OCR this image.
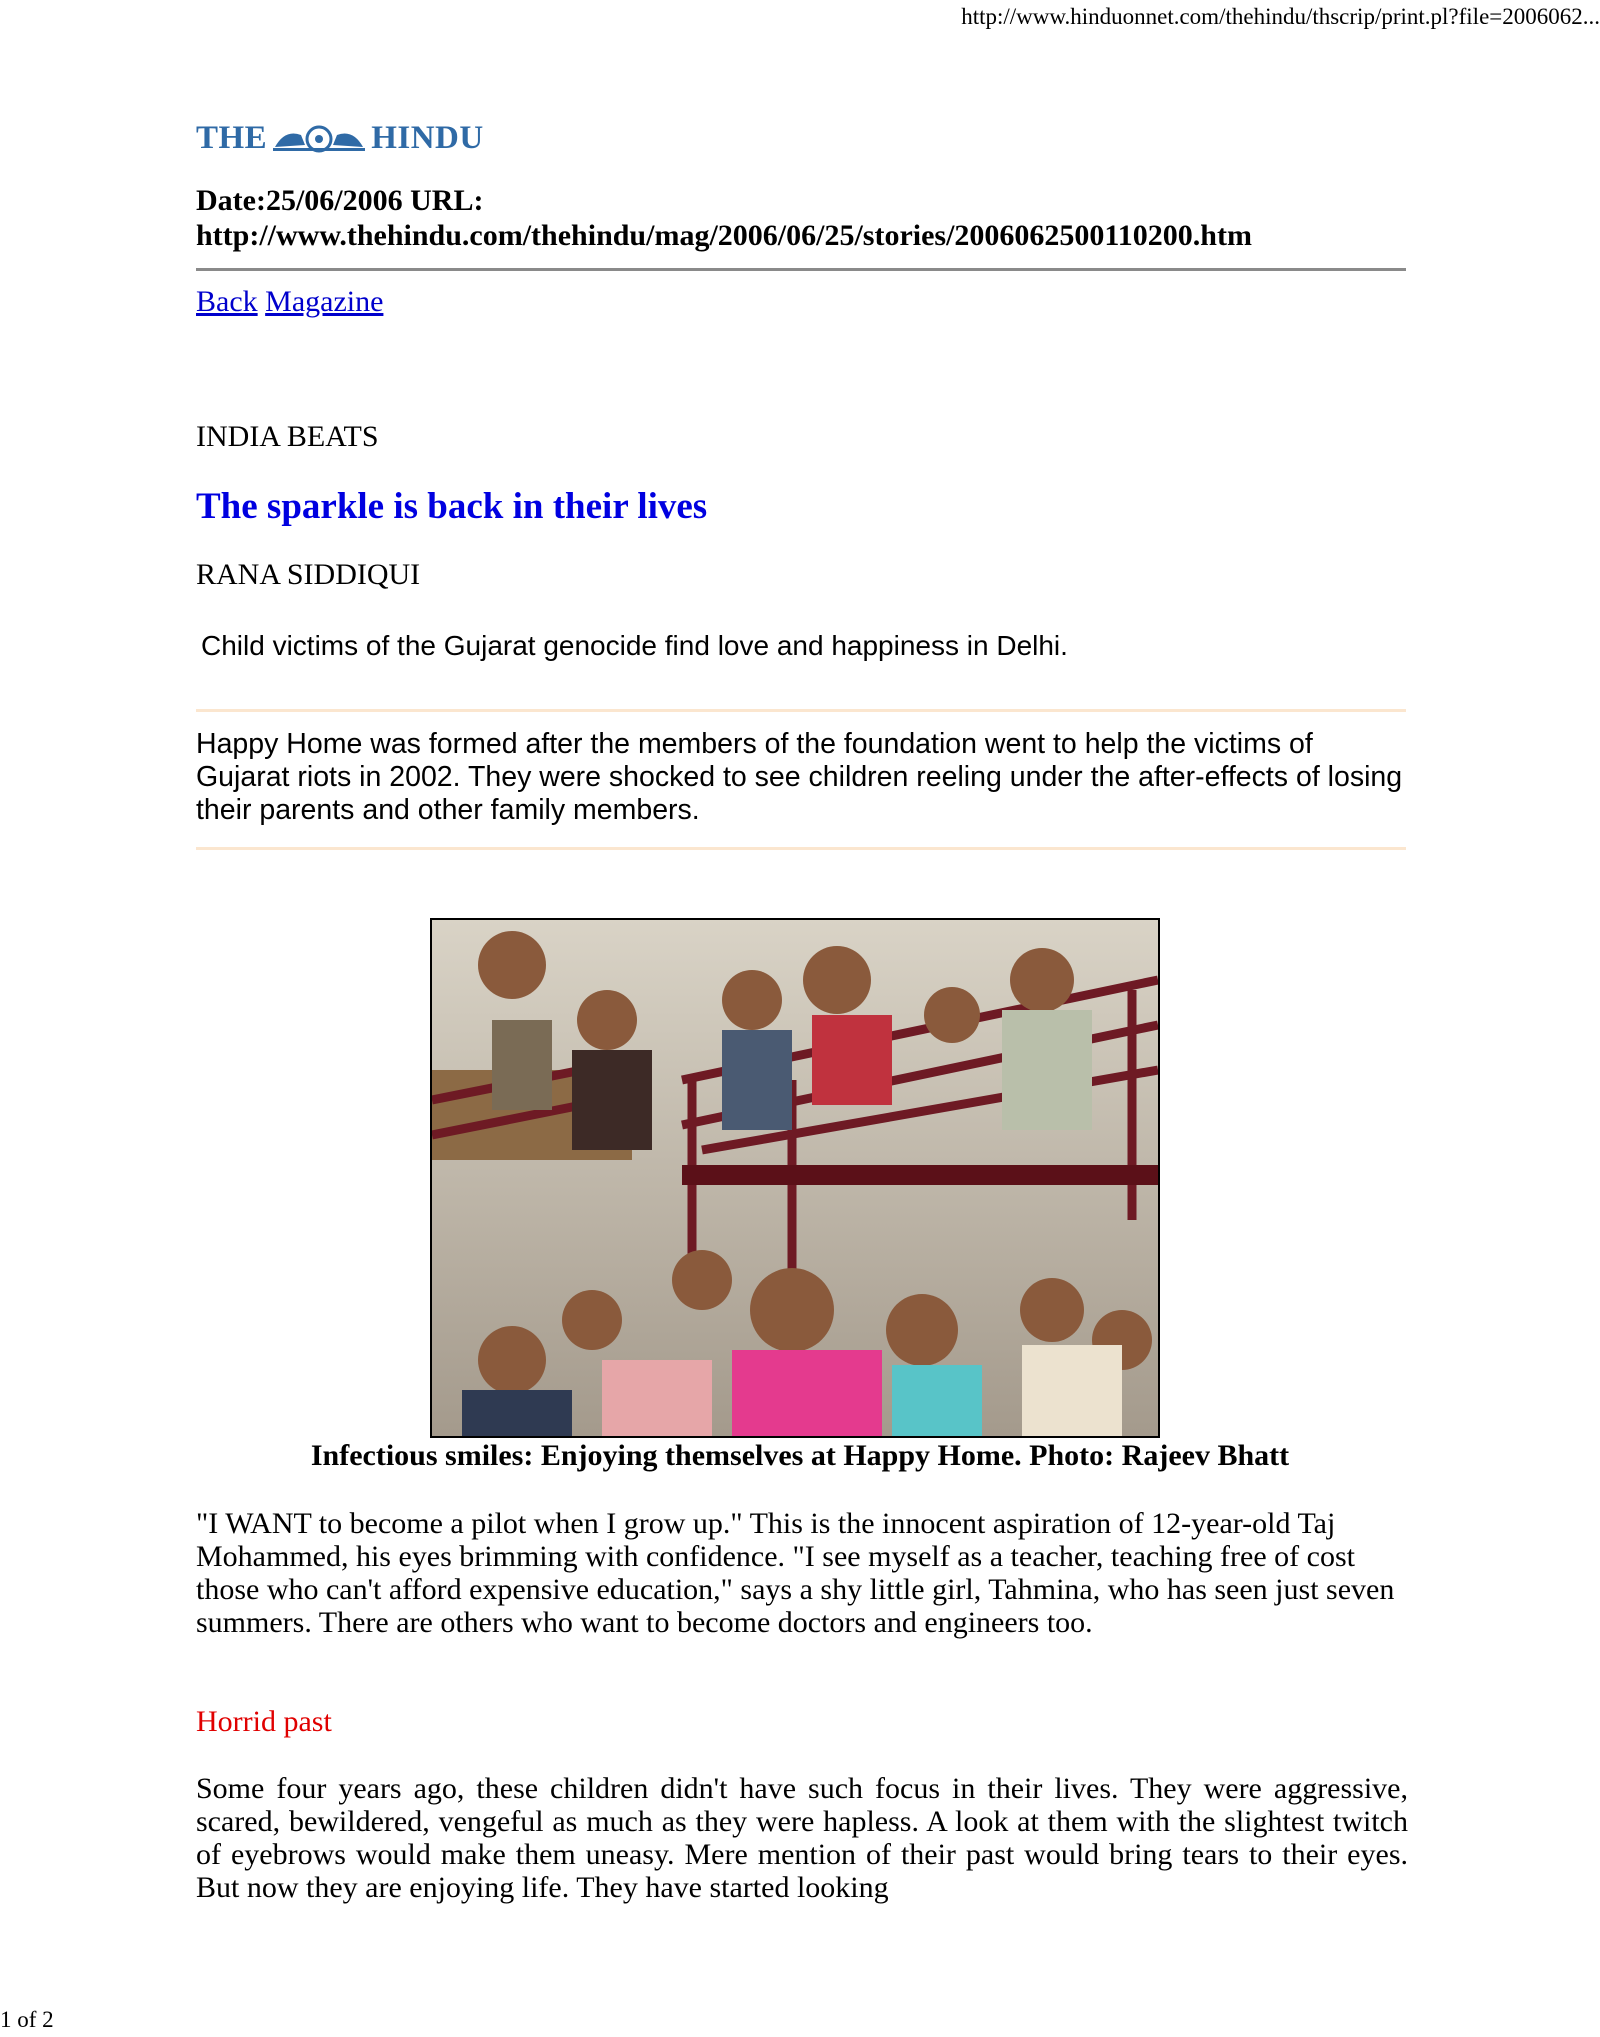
http://www.hinduonnet.com/thehindu/thscrip/print.pl?file=2006062...
THE	HINDU
Date:25/06/2006 URL:
http://www.thehindu.com/thehindu/mag/2006/06/25/stories/2006062500110200.htm
Back Magazine
INDIA BEATS
The sparkle is back in their lives
RANA SIDDIQUI
Child victims of the Gujarat genocide find love and happiness in Delhi.
Happy Home was formed after the members of the foundation went to help the victims of Gujarat riots in 2002. They were shocked to see children reeling under the after-effects of losing their parents and other family members.
Infectious smiles: Enjoying themselves at Happy Home. Photo: Rajeev Bhatt
"I WANT to become a pilot when I grow up." This is the innocent aspiration of 12-year-old Taj Mohammed, his eyes brimming with confidence. "I see myself as a teacher, teaching free of cost those who can't afford expensive education," says a shy little girl, Tahmina, who has seen just seven summers. There are others who want to become doctors and engineers too.
Horrid past
Some four years ago, these children didn't have such focus in their lives. They were aggressive, scared, bewildered, vengeful as much as they were hapless. A look at them with the slightest twitch of eyebrows would make them uneasy. Mere mention of their past would bring tears to their eyes. But now they are enjoying life. They have started looking
1 of 2
